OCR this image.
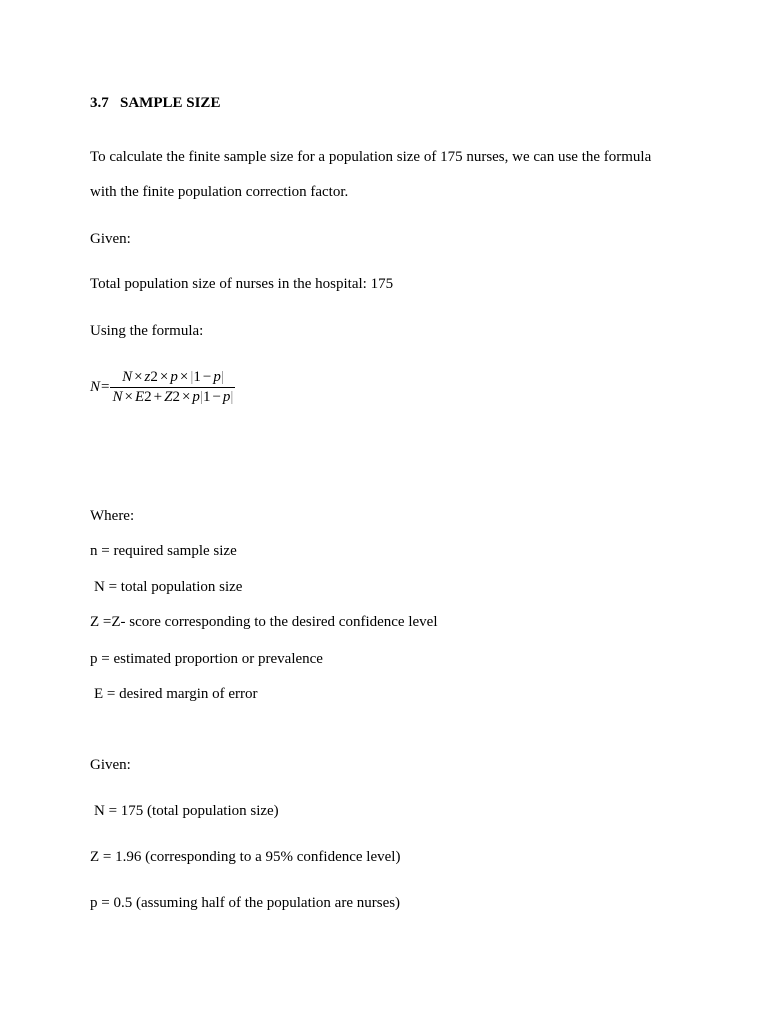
3.7 SAMPLE SIZE
To calculate the finite sample size for a population size of 175 nurses, we can use the formula
with the finite population correction factor.
Given:
Total population size of nurses in the hospital: 175
Using the formula:
$N = \frac{N \times z2 \times p \times |1 - p|}{N \times E2 + Z2 \times p|1 - p|}$
Where:
n = required sample size
N = total population size
Z =Z- score corresponding to the desired confidence level
p = estimated proportion or prevalence
E = desired margin of error
Given:
N = 175 (total population size)
Z = 1.96 (corresponding to a 95% confidence level)
p = 0.5 (assuming half of the population are nurses)
